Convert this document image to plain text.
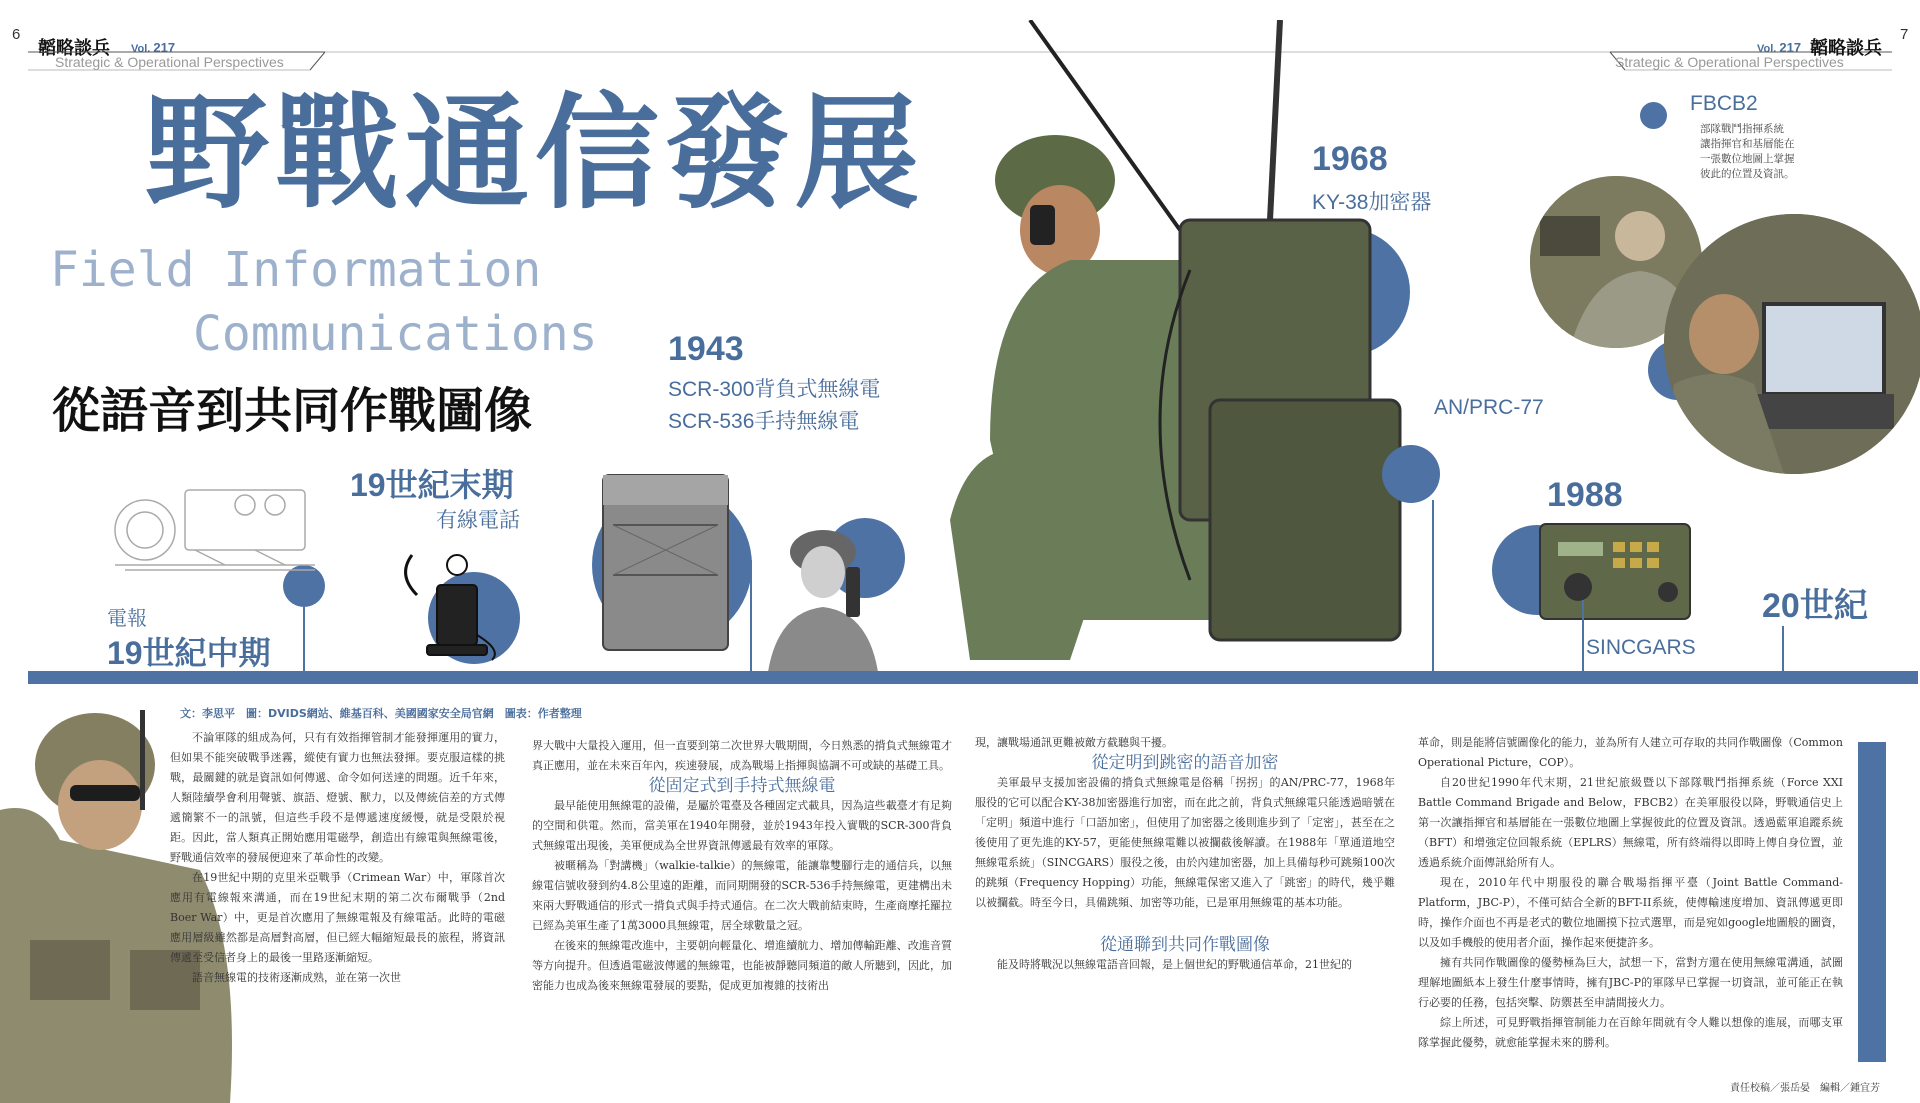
6
韜略談兵 Vol. 217
Strategic & Operational Perspectives
Vol. 217 韜略談兵
7
Strategic & Operational Perspectives
野戰通信發展
Field Information
Communications
從語音到共同作戰圖像
電報
19世紀中期
19世紀末期
有線電話
1943
SCR-300背負式無線電
SCR-536手持無線電
1968
KY-38加密器
AN/PRC-77
1988
SINCGARS
FBCB2
部隊戰鬥指揮系統
讓指揮官和基層能在
一張數位地圖上掌握
彼此的位置及資訊。
20世紀
文：李思平　圖：DVIDS網站、維基百科、美國國家安全局官網　圖表：作者整理

不論軍隊的組成為何，只有有效指揮管制才能發揮運用的實力，但如果不能突破戰爭迷霧，縱使有實力也無法發揮。要克服這樣的挑戰，最關鍵的就是資訊如何傳遞、命令如何送達的問題。近千年來，人類陸續學會利用聲號、旗語、燈號、獸力，以及傳統信差的方式傳遞簡繁不一的訊號，但這些手段不是傳遞速度緩慢，就是受限於視距。因此，當人類真正開始應用電磁學，創造出有線電與無線電後，野戰通信效率的發展便迎來了革命性的改變。

在19世紀中期的克里米亞戰爭（Crimean War）中，軍隊首次應用有電線報來溝通，而在19世紀末期的第二次布爾戰爭（2nd Boer War）中，更是首次應用了無線電報及有線電話。此時的電磁應用層級雖然都是高層對高層，但已經大幅縮短最長的旅程，將資訊傳遞至受信者身上的最後一里路逐漸縮短。

語音無線電的技術逐漸成熟，並在第一次世

界大戰中大量投入運用，但一直要到第二次世界大戰期間，今日熟悉的揹負式無線電才真正應用，並在未來百年內，疾速發展，成為戰場上指揮與協調不可或缺的基礎工具。

從固定式到手持式無線電

最早能使用無線電的設備，是屬於電臺及各種固定式載具，因為這些載臺才有足夠的空間和供電。然而，當美軍在1940年開發，並於1943年投入實戰的SCR-300背負式無線電出現後，美軍便成為全世界資訊傳遞最有效率的軍隊。

被暱稱為「對講機」（walkie-talkie）的無線電，能讓靠雙腳行走的通信兵，以無線電信號收發到約4.8公里遠的距離，而同期開發的SCR-536手持無線電，更建構出未來兩大野戰通信的形式一揹負式與手持式通信。在二次大戰前結束時，生產商摩托羅拉已經為美軍生產了1萬3000具無線電，居全球數量之冠。

在後來的無線電改進中，主要朝向輕量化、增進續航力、增加傳輸距離、改進音質等方向提升。但透過電磁波傳遞的無線電，也能被靜聽同頻道的敵人所聽到，因此，加密能力也成為後來無線電發展的要點，促成更加複雜的技術出

現，讓戰場通訊更難被敵方截聽與干擾。

從定明到跳密的語音加密

美軍最早支援加密設備的揹負式無線電是俗稱「拐拐」的AN/PRC-77，1968年服役的它可以配合KY-38加密器進行加密，而在此之前，背負式無線電只能透過暗號在「定明」頻道中進行「口語加密」，但使用了加密器之後則進步到了「定密」，甚至在之後使用了更先進的KY-57，更能使無線電難以被攔截後解讀。在1988年「單通道地空無線電系統」（SINCGARS）服役之後，由於內建加密器，加上具備每秒可跳頻100次的跳頻（Frequency Hopping）功能，無線電保密又進入了「跳密」的時代，幾乎難以被攔截。時至今日，具備跳頻、加密等功能，已是軍用無線電的基本功能。

從通聯到共同作戰圖像

能及時將戰況以無線電語音回報，是上個世紀的野戰通信革命，21世紀的

革命，則是能將信號圖像化的能力，並為所有人建立可存取的共同作戰圖像（Common Operational Picture，COP）。

自20世紀1990年代末期，21世紀旅級暨以下部隊戰鬥指揮系統（Force XXI Battle Command Brigade and Below，FBCB2）在美軍服役以降，野戰通信史上第一次讓指揮官和基層能在一張數位地圖上掌握彼此的位置及資訊。透過藍軍追蹤系統（BFT）和增強定位回報系統（EPLRS）無線電，所有終端得以即時上傳自身位置，並透過系統介面傳訊給所有人。

現在，2010年代中期服役的聯合戰場指揮平臺（Joint Battle Command-Platform，JBC-P），不僅可結合全新的BFT-II系統，使傳輸速度增加、資訊傳遞更即時，操作介面也不再是老式的數位地圖摸下拉式選單，而是宛如google地圖般的圖資，以及如手機般的使用者介面，操作起來便捷許多。

擁有共同作戰圖像的優勢極為巨大，試想一下，當對方還在使用無線電溝通，試圖理解地圖紙本上發生什麼事情時，擁有JBC-P的軍隊早已掌握一切資訊，並可能正在執行必要的任務，包括突擊、防禦甚至申請間接火力。

綜上所述，可見野戰指揮管制能力在百餘年間就有令人難以想像的進展，而哪支軍隊掌握此優勢，就愈能掌握未來的勝利。

責任校稿／張岳晏　編輯／鍾宜芳
